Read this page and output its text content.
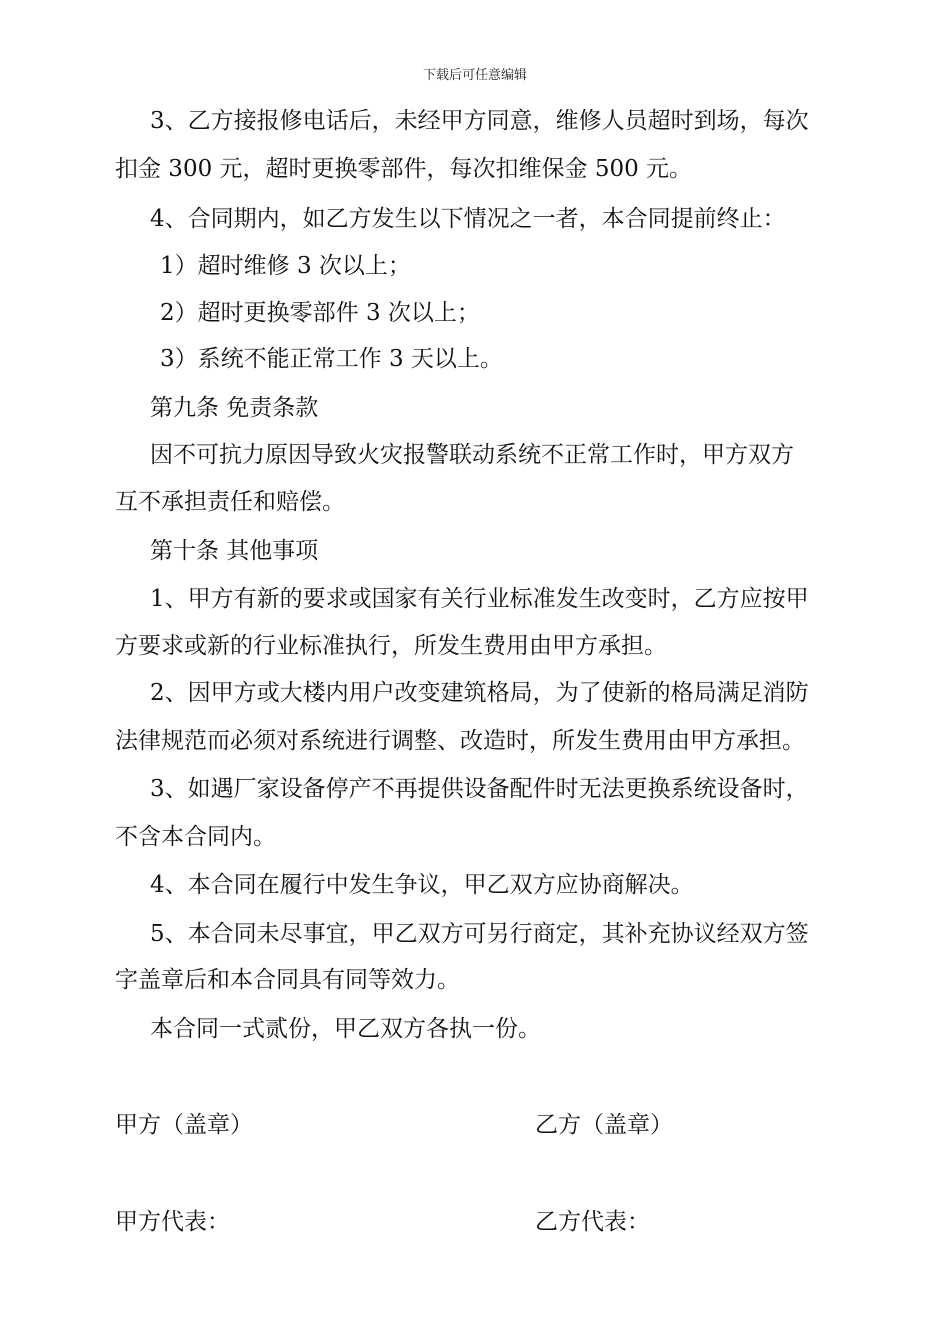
下载后可任意编辑
3、乙方接报修电话后，未经甲方同意，维修人员超时到场，每次
扣金 300 元，超时更换零部件，每次扣维保金 500 元。
4、合同期内，如乙方发生以下情况之一者，本合同提前终止：
1）超时维修 3 次以上；
2）超时更换零部件 3 次以上；
3）系统不能正常工作 3 天以上。
第九条 免责条款
因不可抗力原因导致火灾报警联动系统不正常工作时，甲方双方
互不承担责任和赔偿。
第十条 其他事项
1、甲方有新的要求或国家有关行业标准发生改变时，乙方应按甲
方要求或新的行业标准执行，所发生费用由甲方承担。
2、因甲方或大楼内用户改变建筑格局，为了使新的格局满足消防
法律规范而必须对系统进行调整、改造时，所发生费用由甲方承担。
3、如遇厂家设备停产不再提供设备配件时无法更换系统设备时，
不含本合同内。
4、本合同在履行中发生争议，甲乙双方应协商解决。
5、本合同未尽事宜，甲乙双方可另行商定，其补充协议经双方签
字盖章后和本合同具有同等效力。
本合同一式贰份，甲乙双方各执一份。
甲方（盖章）	乙方（盖章）
甲方代表：	乙方代表：
